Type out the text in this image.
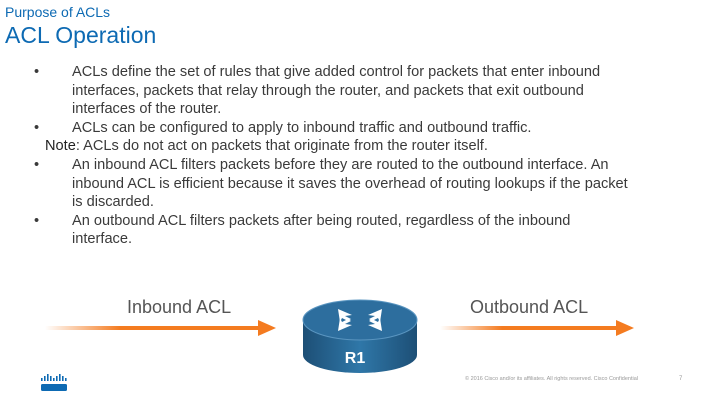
Purpose of ACLs
ACL Operation
• ACLs define the set of rules that give added control for packets that enter inbound
interfaces, packets that relay through the router, and packets that exit outbound
interfaces of the router.
• ACLs can be configured to apply to inbound traffic and outbound traffic.
Note: ACLs do not act on packets that originate from the router itself.
• An inbound ACL filters packets before they are routed to the outbound interface. An
inbound ACL is efficient because it saves the overhead of routing lookups if the packet
is discarded.
• An outbound ACL filters packets after being routed, regardless of the inbound
interface.
R1
Inbound ACL	Outbound ACL
© 2016 Cisco and/or its affiliates. All rights reserved. Cisco Confidential	7
